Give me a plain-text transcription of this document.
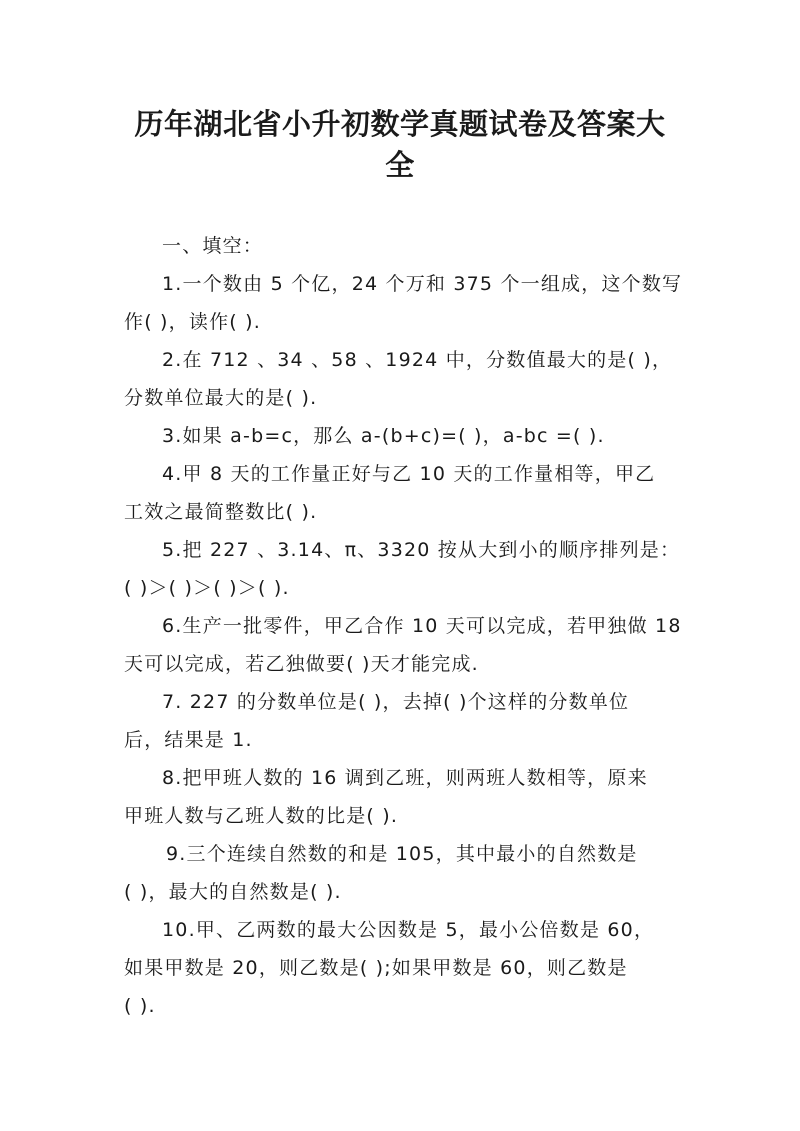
历年湖北省小升初数学真题试卷及答案大
全
一、填空：
1.一个数由 5 个亿，24 个万和 375 个一组成，这个数写
作( )，读作( ).
2.在 712 、34 、58 、1924 中，分数值最大的是( )，
分数单位最大的是( ).
3.如果 a-b=c，那么 a-(b+c)=( )，a-bc =( ).
4.甲 8 天的工作量正好与乙 10 天的工作量相等，甲乙
工效之最简整数比( ).
5.把 227 、3.14、π、3320 按从大到小的顺序排列是：
( )＞( )＞( )＞( ).
6.生产一批零件，甲乙合作 10 天可以完成，若甲独做 18
天可以完成，若乙独做要( )天才能完成.
7. 227 的分数单位是( )，去掉( )个这样的分数单位
后，结果是 1.
8.把甲班人数的 16 调到乙班，则两班人数相等，原来
甲班人数与乙班人数的比是( ).
9.三个连续自然数的和是 105，其中最小的自然数是
( )，最大的自然数是( ).
10.甲、乙两数的最大公因数是 5，最小公倍数是 60，
如果甲数是 20，则乙数是( );如果甲数是 60，则乙数是
( ).
